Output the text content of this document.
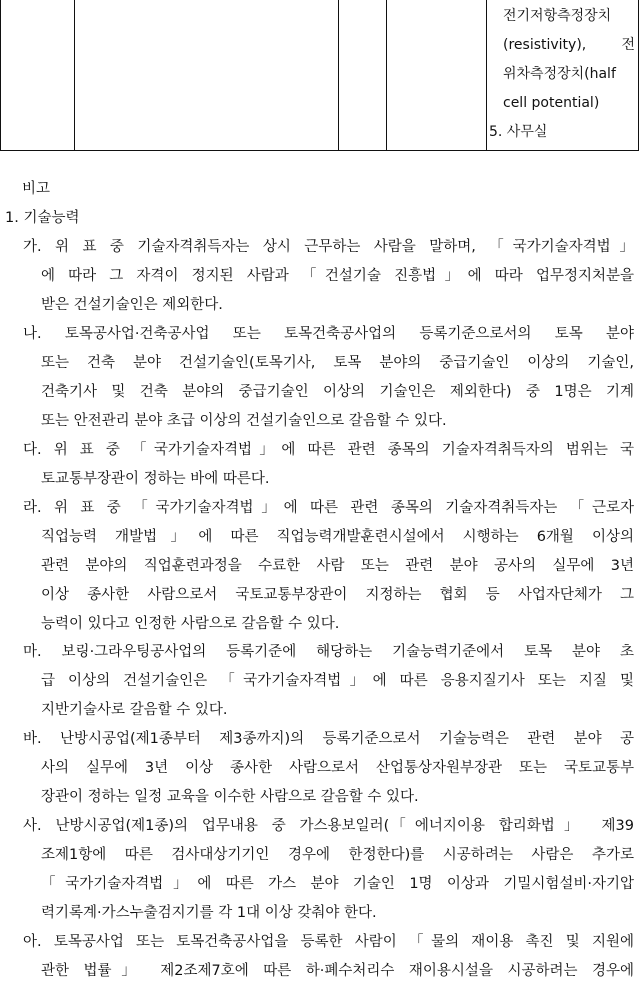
전기저항측정장치
(resistivity), 전
위차측정장치(half
cell potential)
5. 사무실
비고
1. 기술능력
가. 위 표 중 기술자격취득자는 상시 근무하는 사람을 말하며, 「국가기술자격법」
에 따라 그 자격이 정지된 사람과 「건설기술 진흥법」에 따라 업무정지처분을
받은 건설기술인은 제외한다.
나. 토목공사업·건축공사업 또는 토목건축공사업의 등록기준으로서의 토목 분야
또는 건축 분야 건설기술인(토목기사, 토목 분야의 중급기술인 이상의 기술인,
건축기사 및 건축 분야의 중급기술인 이상의 기술인은 제외한다) 중 1명은 기계
또는 안전관리 분야 초급 이상의 건설기술인으로 갈음할 수 있다.
다. 위 표 중 「국가기술자격법」에 따른 관련 종목의 기술자격취득자의 범위는 국
토교통부장관이 정하는 바에 따른다.
라. 위 표 중 「국가기술자격법」에 따른 관련 종목의 기술자격취득자는 「근로자
직업능력 개발법」에 따른 직업능력개발훈련시설에서 시행하는 6개월 이상의
관련 분야의 직업훈련과정을 수료한 사람 또는 관련 분야 공사의 실무에 3년
이상 종사한 사람으로서 국토교통부장관이 지정하는 협회 등 사업자단체가 그
능력이 있다고 인정한 사람으로 갈음할 수 있다.
마. 보링·그라우팅공사업의 등록기준에 해당하는 기술능력기준에서 토목 분야 초
급 이상의 건설기술인은 「국가기술자격법」에 따른 응용지질기사 또는 지질 및
지반기술사로 갈음할 수 있다.
바. 난방시공업(제1종부터 제3종까지)의 등록기준으로서 기술능력은 관련 분야 공
사의 실무에 3년 이상 종사한 사람으로서 산업통상자원부장관 또는 국토교통부
장관이 정하는 일정 교육을 이수한 사람으로 갈음할 수 있다.
사. 난방시공업(제1종)의 업무내용 중 가스용보일러(「에너지이용 합리화법」 제39
조제1항에 따른 검사대상기기인 경우에 한정한다)를 시공하려는 사람은 추가로
「국가기술자격법」에 따른 가스 분야 기술인 1명 이상과 기밀시험설비·자기압
력기록계·가스누출검지기를 각 1대 이상 갖춰야 한다.
아. 토목공사업 또는 토목건축공사업을 등록한 사람이 「물의 재이용 촉진 및 지원에
관한 법률」 제2조제7호에 따른 하·폐수처리수 재이용시설을 시공하려는 경우에
